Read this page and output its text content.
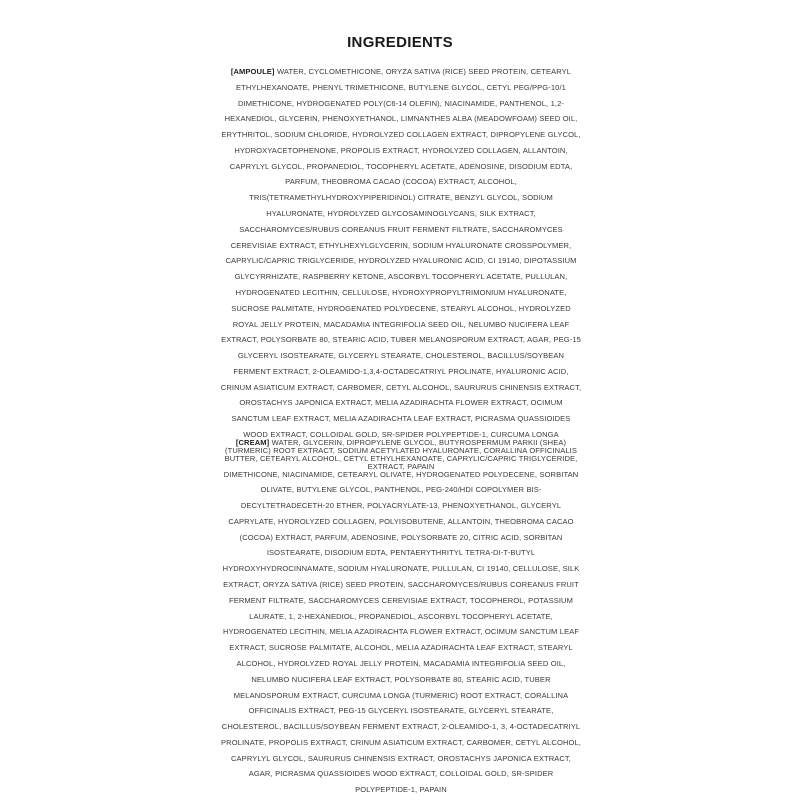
INGREDIENTS
[AMPOULE] WATER, CYCLOMETHICONE, ORYZA SATIVA (RICE) SEED PROTEIN, CETEARYL ETHYLHEXANOATE, PHENYL TRIMETHICONE, BUTYLENE GLYCOL, CETYL PEG/PPG-10/1 DIMETHICONE, HYDROGENATED POLY(C6-14 OLEFIN), NIACINAMIDE, PANTHENOL, 1,2-HEXANEDIOL, GLYCERIN, PHENOXYETHANOL, LIMNANTHES ALBA (MEADOWFOAM) SEED OIL, ERYTHRITOL, SODIUM CHLORIDE, HYDROLYZED COLLAGEN EXTRACT, DIPROPYLENE GLYCOL, HYDROXYACETOPHENONE, PROPOLIS EXTRACT, HYDROLYZED COLLAGEN, ALLANTOIN, CAPRYLYL GLYCOL, PROPANEDIOL, TOCOPHERYL ACETATE, ADENOSINE, DISODIUM EDTA, PARFUM, THEOBROMA CACAO (COCOA) EXTRACT, ALCOHOL, TRIS(TETRAMETHYLHYDROXYPIPERIDINOL) CITRATE, BENZYL GLYCOL, SODIUM HYALURONATE, HYDROLYZED GLYCOSAMINOGLYCANS, SILK EXTRACT, SACCHAROMYCES/RUBUS COREANUS FRUIT FERMENT FILTRATE, SACCHAROMYCES CEREVISIAE EXTRACT, ETHYLHEXYLGLYCERIN, SODIUM HYALURONATE CROSSPOLYMER, CAPRYLIC/CAPRIC TRIGLYCERIDE, HYDROLYZED HYALURONIC ACID, CI 19140, DIPOTASSIUM GLYCYRRHIZATE, RASPBERRY KETONE, ASCORBYL TOCOPHERYL ACETATE, PULLULAN, HYDROGENATED LECITHIN, CELLULOSE, HYDROXYPROPYLTRIMONIUM HYALURONATE, SUCROSE PALMITATE, HYDROGENATED POLYDECENE, STEARYL ALCOHOL, HYDROLYZED ROYAL JELLY PROTEIN, MACADAMIA INTEGRIFOLIA SEED OIL, NELUMBO NUCIFERA LEAF EXTRACT, POLYSORBATE 80, STEARIC ACID, TUBER MELANOSPORUM EXTRACT, AGAR, PEG-15 GLYCERYL ISOSTEARATE, GLYCERYL STEARATE, CHOLESTEROL, BACILLUS/SOYBEAN FERMENT EXTRACT, 2-OLEAMIDO-1,3,4-OCTADECATRIYL PROLINATE, HYALURONIC ACID, CRINUM ASIATICUM EXTRACT, CARBOMER, CETYL ALCOHOL, SAURURUS CHINENSIS EXTRACT, OROSTACHYS JAPONICA EXTRACT, MELIA AZADIRACHTA FLOWER EXTRACT, OCIMUM SANCTUM LEAF EXTRACT, MELIA AZADIRACHTA LEAF EXTRACT, PICRASMA QUASSIOIDES WOOD EXTRACT, COLLOIDAL GOLD, SR-SPIDER POLYPEPTIDE-1, CURCUMA LONGA (TURMERIC) ROOT EXTRACT, SODIUM ACETYLATED HYALURONATE, CORALLINA OFFICINALIS EXTRACT, PAPAIN
[CREAM] WATER, GLYCERIN, DIPROPYLENE GLYCOL, BUTYROSPERMUM PARKII (SHEA) BUTTER, CETEARYL ALCOHOL, CETYL ETHYLHEXANOATE, CAPRYLIC/CAPRIC TRIGLYCERIDE, DIMETHICONE, NIACINAMIDE, CETEARYL OLIVATE, HYDROGENATED POLYDECENE, SORBITAN OLIVATE, BUTYLENE GLYCOL, PANTHENOL, PEG-240/HDI COPOLYMER BIS-DECYLTETRADECETH-20 ETHER, POLYACRYLATE-13, PHENOXYETHANOL, GLYCERYL CAPRYLATE, HYDROLYZED COLLAGEN, POLYISOBUTENE, ALLANTOIN, THEOBROMA CACAO (COCOA) EXTRACT, PARFUM, ADENOSINE, POLYSORBATE 20, CITRIC ACID, SORBITAN ISOSTEARATE, DISODIUM EDTA, PENTAERYTHRITYL TETRA-DI-T-BUTYL HYDROXYHYDROCINNAMATE, SODIUM HYALURONATE, PULLULAN, CI 19140, CELLULOSE, SILK EXTRACT, ORYZA SATIVA (RICE) SEED PROTEIN, SACCHAROMYCES/RUBUS COREANUS FRUIT FERMENT FILTRATE, SACCHAROMYCES CEREVISIAE EXTRACT, TOCOPHEROL, POTASSIUM LAURATE, 1, 2-HEXANEDIOL, PROPANEDIOL, ASCORBYL TOCOPHERYL ACETATE, HYDROGENATED LECITHIN, MELIA AZADIRACHTA FLOWER EXTRACT, OCIMUM SANCTUM LEAF EXTRACT, SUCROSE PALMITATE, ALCOHOL, MELIA AZADIRACHTA LEAF EXTRACT, STEARYL ALCOHOL, HYDROLYZED ROYAL JELLY PROTEIN, MACADAMIA INTEGRIFOLIA SEED OIL, NELUMBO NUCIFERA LEAF EXTRACT, POLYSORBATE 80, STEARIC ACID, TUBER MELANOSPORUM EXTRACT, CURCUMA LONGA (TURMERIC) ROOT EXTRACT, CORALLINA OFFICINALIS EXTRACT, PEG-15 GLYCERYL ISOSTEARATE, GLYCERYL STEARATE, CHOLESTEROL, BACILLUS/SOYBEAN FERMENT EXTRACT, 2-OLEAMIDO-1, 3, 4-OCTADECATRIYL PROLINATE, PROPOLIS EXTRACT, CRINUM ASIATICUM EXTRACT, CARBOMER, CETYL ALCOHOL, CAPRYLYL GLYCOL, SAURURUS CHINENSIS EXTRACT, OROSTACHYS JAPONICA EXTRACT, AGAR, PICRASMA QUASSIOIDES WOOD EXTRACT, COLLOIDAL GOLD, SR-SPIDER POLYPEPTIDE-1, PAPAIN
